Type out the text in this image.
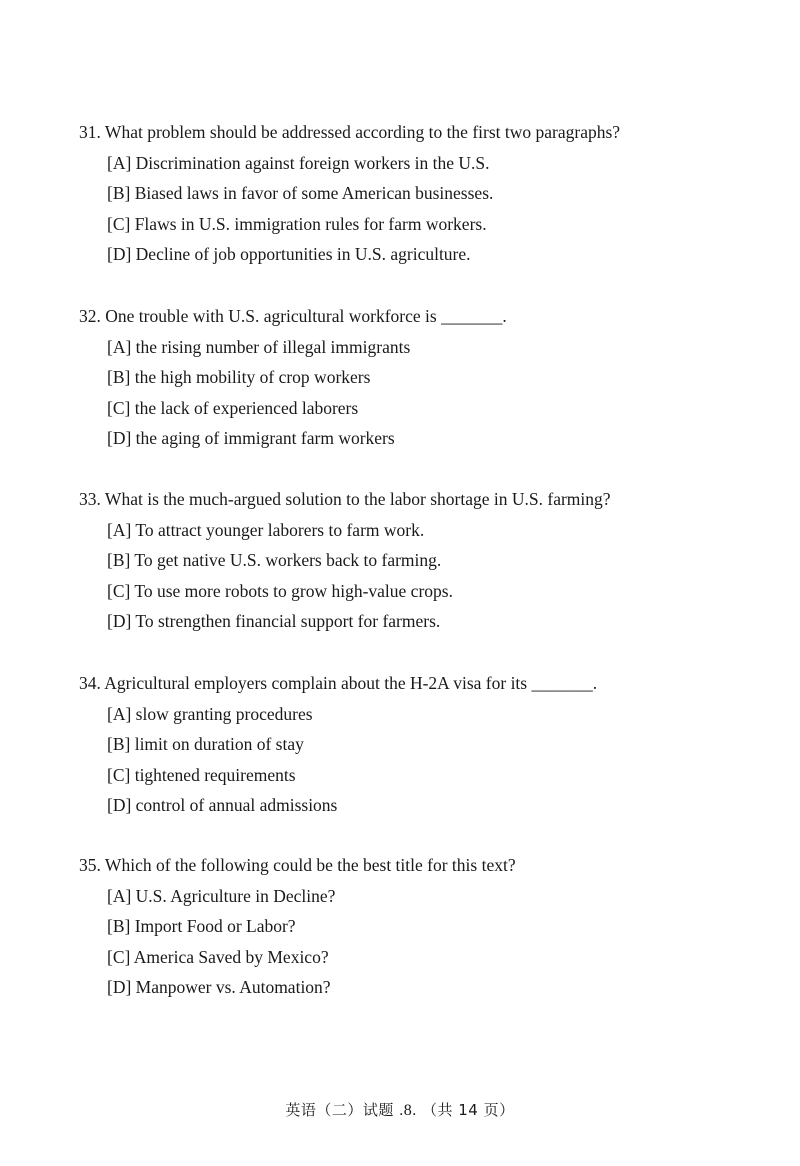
31. What problem should be addressed according to the first two paragraphs?

[A] Discrimination against foreign workers in the U.S.
[B] Biased laws in favor of some American businesses.
[C] Flaws in U.S. immigration rules for farm workers.
[D] Decline of job opportunities in U.S. agriculture.

32. One trouble with U.S. agricultural workforce is _______.

[A] the rising number of illegal immigrants
[B] the high mobility of crop workers
[C] the lack of experienced laborers
[D] the aging of immigrant farm workers

33. What is the much-argued solution to the labor shortage in U.S. farming?

[A] To attract younger laborers to farm work.
[B] To get native U.S. workers back to farming.
[C] To use more robots to grow high-value crops.
[D] To strengthen financial support for farmers.

34. Agricultural employers complain about the H-2A visa for its _______.

[A] slow granting procedures
[B] limit on duration of stay
[C] tightened requirements
[D] control of annual admissions

35. Which of the following could be the best title for this text?

[A] U.S. Agriculture in Decline?
[B] Import Food or Labor?
[C] America Saved by Mexico?
[D] Manpower vs. Automation?
英语（二）试题 .8. （共 14 页）
